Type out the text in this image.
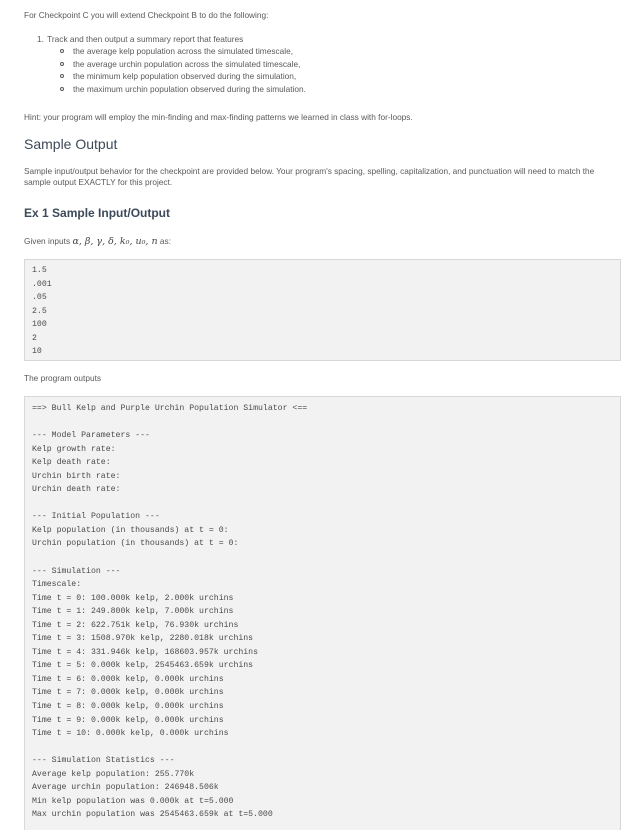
For Checkpoint C you will extend Checkpoint B to do the following:

1. Track and then output a summary report that features

the average kelp population across the simulated timescale,
the average urchin population across the simulated timescale,
the minimum kelp population observed during the simulation,
the maximum urchin population observed during the simulation.

Hint: your program will employ the min-finding and max-finding patterns we learned in class with for-loops.

Sample Output

Sample input/output behavior for the checkpoint are provided below. Your program's spacing, spelling, capitalization, and punctuation will need to match the sample output EXACTLY for this project.

Ex 1 Sample Input/Output

Given inputs α, β, γ, δ, k₀, u₀, n as:

1.5
.001
.05
2.5
100
2
10

The program outputs

==> Bull Kelp and Purple Urchin Population Simulator <==
--- Model Parameters ---
Kelp growth rate:
Kelp death rate:
Urchin birth rate:
Urchin death rate:
--- Initial Population ---
Kelp population (in thousands) at t = 0:
Urchin population (in thousands) at t = 0:
--- Simulation ---
Timescale:
Time t = 0: 100.000k kelp, 2.000k urchins
Time t = 1: 249.800k kelp, 7.000k urchins
Time t = 2: 622.751k kelp, 76.930k urchins
Time t = 3: 1508.970k kelp, 2280.018k urchins
Time t = 4: 331.946k kelp, 168603.957k urchins
Time t = 5: 0.000k kelp, 2545463.659k urchins
Time t = 6: 0.000k kelp, 0.000k urchins
Time t = 7: 0.000k kelp, 0.000k urchins
Time t = 8: 0.000k kelp, 0.000k urchins
Time t = 9: 0.000k kelp, 0.000k urchins
Time t = 10: 0.000k kelp, 0.000k urchins
--- Simulation Statistics ---
Average kelp population: 255.770k
Average urchin population: 246948.506k
Min kelp population was 0.000k at t=5.000
Max urchin population was 2545463.659k at t=5.000
